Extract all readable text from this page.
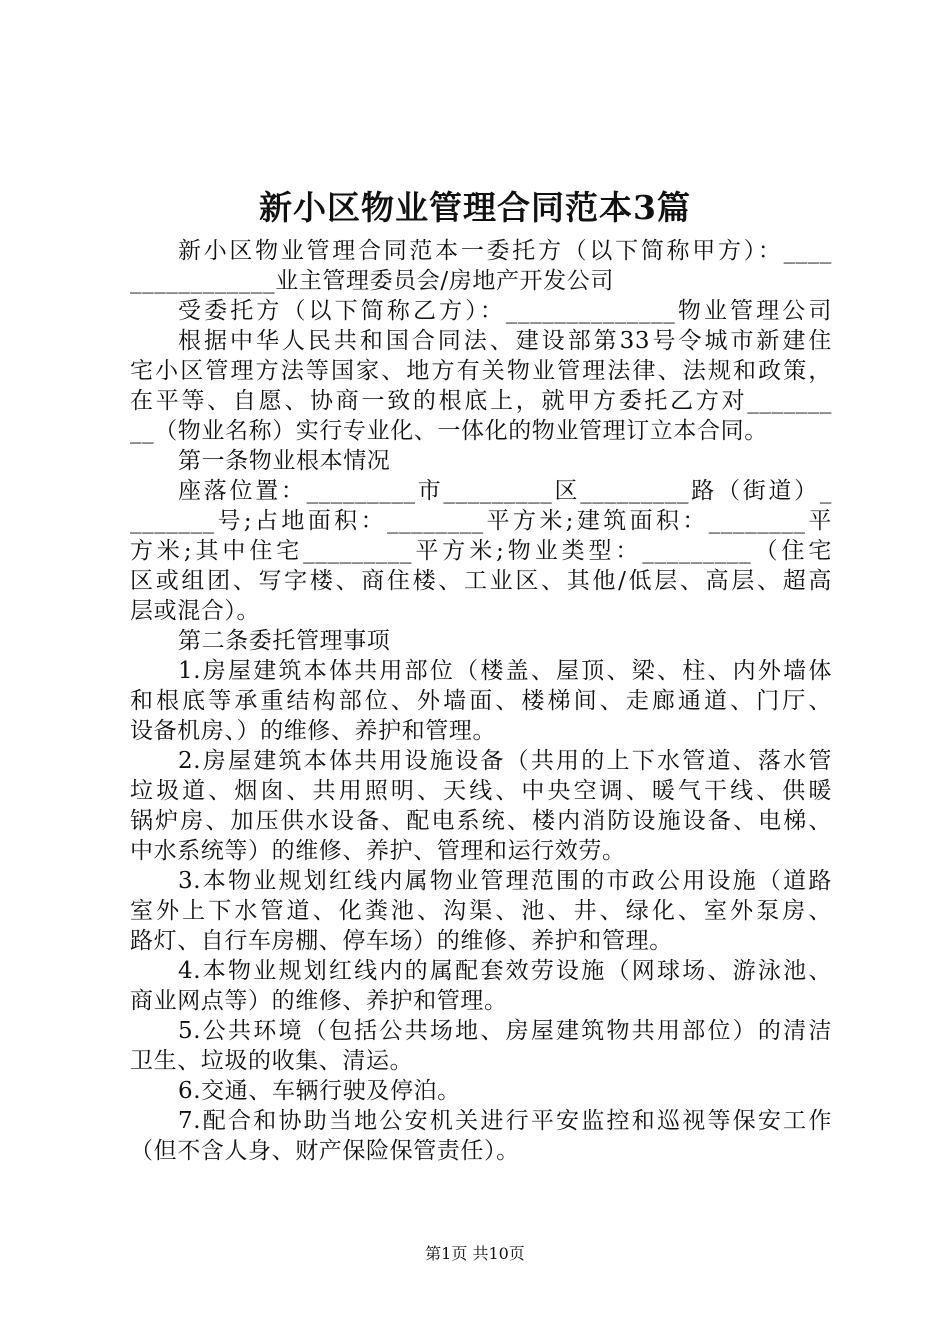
新小区物业管理合同范本3篇
新小区物业管理合同范本一委托方（以下简称甲方）：____
____________业主管理委员会/房地产开发公司
受委托方（以下简称乙方）：______________物业管理公司
根据中华人民共和国合同法、建设部第33号令城市新建住
宅小区管理方法等国家、地方有关物业管理法律、法规和政策，
在平等、自愿、协商一致的根底上，就甲方委托乙方对_______
__（物业名称）实行专业化、一体化的物业管理订立本合同。
第一条物业根本情况
座落位置：_________市_________区_________路（街道）_
_______号;占地面积：________平方米;建筑面积：________平
方米;其中住宅_________平方米;物业类型：_________（住宅
区或组团、写字楼、商住楼、工业区、其他/低层、高层、超高
层或混合）。
第二条委托管理事项
1.房屋建筑本体共用部位（楼盖、屋顶、梁、柱、内外墙体
和根底等承重结构部位、外墙面、楼梯间、走廊通道、门厅、
设备机房、）的维修、养护和管理。
2.房屋建筑本体共用设施设备（共用的上下水管道、落水管
垃圾道、烟囱、共用照明、天线、中央空调、暖气干线、供暖
锅炉房、加压供水设备、配电系统、楼内消防设施设备、电梯、
中水系统等）的维修、养护、管理和运行效劳。
3.本物业规划红线内属物业管理范围的市政公用设施（道路
室外上下水管道、化粪池、沟渠、池、井、绿化、室外泵房、
路灯、自行车房棚、停车场）的维修、养护和管理。
4.本物业规划红线内的属配套效劳设施（网球场、游泳池、
商业网点等）的维修、养护和管理。
5.公共环境（包括公共场地、房屋建筑物共用部位）的清洁
卫生、垃圾的收集、清运。
6.交通、车辆行驶及停泊。
7.配合和协助当地公安机关进行平安监控和巡视等保安工作
（但不含人身、财产保险保管责任）。

第1页 共10页
